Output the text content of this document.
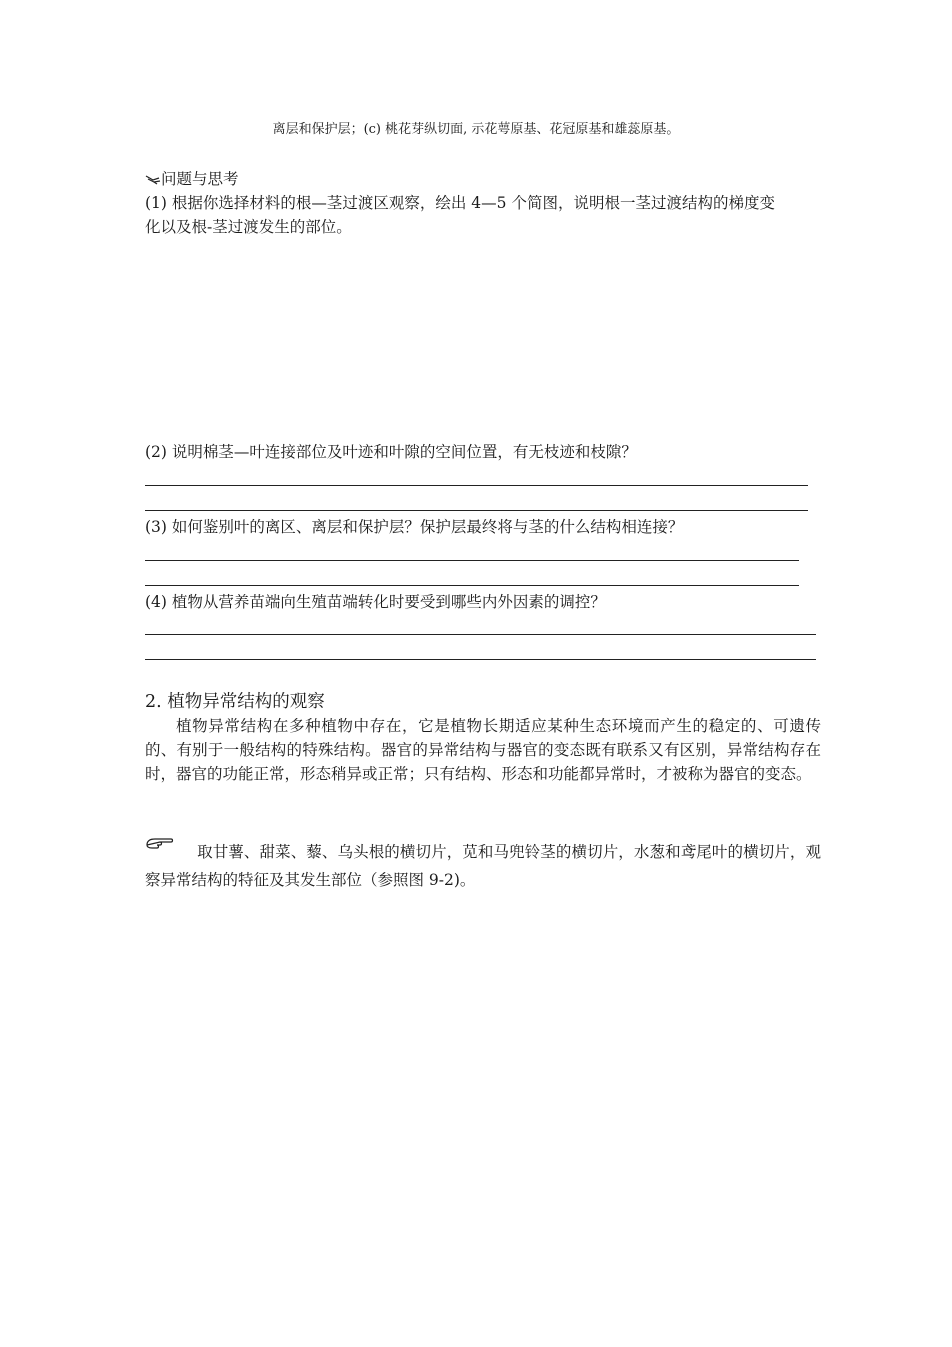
离层和保护层；(c) 桃花芽纵切面, 示花萼原基、花冠原基和雄蕊原基。
问题与思考
(1) 根据你选择材料的根—茎过渡区观察，绘出 4—5 个简图，说明根一茎过渡结构的梯度变
化以及根-茎过渡发生的部位。
(2) 说明棉茎—叶连接部位及叶迹和叶隙的空间位置，有无枝迹和枝隙？
(3) 如何鉴别叶的离区、离层和保护层？保护层最终将与茎的什么结构相连接？
(4) 植物从营养苗端向生殖苗端转化时要受到哪些内外因素的调控？
2. 植物异常结构的观察
植物异常结构在多种植物中存在，它是植物长期适应某种生态环境而产生的稳定的、可遗传的、有别于一般结构的特殊结构。器官的异常结构与器官的变态既有联系又有区别，异常结构存在时，器官的功能正常，形态稍异或正常；只有结构、形态和功能都异常时，才被称为器官的变态。
取甘薯、甜菜、藜、乌头根的横切片，苋和马兜铃茎的横切片，水葱和鸢尾叶的横切片，观察异常结构的特征及其发生部位（参照图 9-2)。
